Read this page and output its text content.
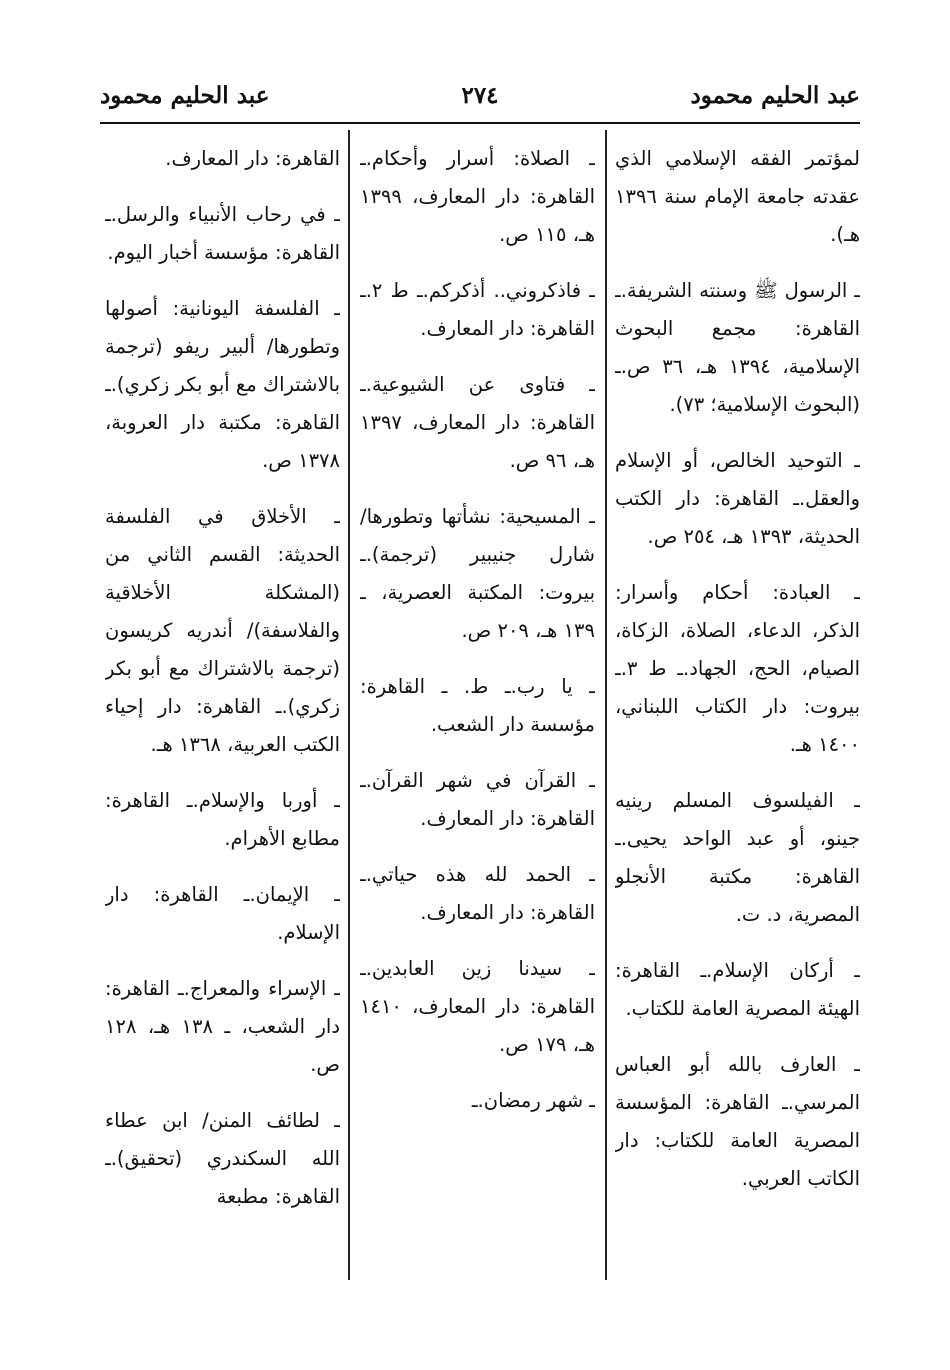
عبد الحليم محمود
٢٧٤
عبد الحليم محمود

لمؤتمر الفقه الإسلامي الذي عقدته جامعة الإمام سنة ١٣٩٦ هـ).

ـ الرسول ﷺ وسنته الشريفة.ـ القاهرة: مجمع البحوث الإسلامية، ١٣٩٤ هـ، ٣٦ ص.ـ (البحوث الإسلامية؛ ٧٣).

ـ التوحيد الخالص، أو الإسلام والعقل.ـ القاهرة: دار الكتب الحديثة، ١٣٩٣ هـ، ٢٥٤ ص.

ـ العبادة: أحكام وأسرار: الذكر، الدعاء، الصلاة، الزكاة، الصيام، الحج، الجهاد.ـ ط ٣.ـ بيروت: دار الكتاب اللبناني، ١٤٠٠ هـ.

ـ الفيلسوف المسلم رينيه جينو، أو عبد الواحد يحيى.ـ القاهرة: مكتبة الأنجلو المصرية، د. ت.

ـ أركان الإسلام.ـ القاهرة: الهيئة المصرية العامة للكتاب.

ـ العارف بالله أبو العباس المرسي.ـ القاهرة: المؤسسة المصرية العامة للكتاب: دار الكاتب العربي.

ـ الصلاة: أسرار وأحكام.ـ القاهرة: دار المعارف، ١٣٩٩ هـ، ١١٥ ص.

ـ فاذكروني.. أذكركم.ـ ط ٢.ـ القاهرة: دار المعارف.

ـ فتاوى عن الشيوعية.ـ القاهرة: دار المعارف، ١٣٩٧ هـ، ٩٦ ص.

ـ المسيحية: نشأتها وتطورها/ شارل جنيبير (ترجمة).ـ بيروت: المكتبة العصرية، ـ ١٣٩ هـ، ٢٠٩ ص.

ـ يا رب.ـ ط. ـ القاهرة: مؤسسة دار الشعب.

ـ القرآن في شهر القرآن.ـ القاهرة: دار المعارف.

ـ الحمد لله هذه حياتي.ـ القاهرة: دار المعارف.

ـ سيدنا زين العابدين.ـ القاهرة: دار المعارف، ١٤١٠ هـ، ١٧٩ ص.

ـ شهر رمضان.ـ

القاهرة: دار المعارف.

ـ في رحاب الأنبياء والرسل.ـ القاهرة: مؤسسة أخبار اليوم.

ـ الفلسفة اليونانية: أصولها وتطورها/ ألبير ريفو (ترجمة بالاشتراك مع أبو بكر زكري).ـ القاهرة: مكتبة دار العروبة، ١٣٧٨ ص.

ـ الأخلاق في الفلسفة الحديثة: القسم الثاني من (المشكلة الأخلاقية والفلاسفة)/ أندريه كريسون (ترجمة بالاشتراك مع أبو بكر زكري).ـ القاهرة: دار إحياء الكتب العربية، ١٣٦٨ هـ.

ـ أوربا والإسلام.ـ القاهرة: مطابع الأهرام.

ـ الإيمان.ـ القاهرة: دار الإسلام.

ـ الإسراء والمعراج.ـ القاهرة: دار الشعب، ـ ١٣٨ هـ، ١٢٨ ص.

ـ لطائف المنن/ ابن عطاء الله السكندري (تحقيق).ـ القاهرة: مطبعة
